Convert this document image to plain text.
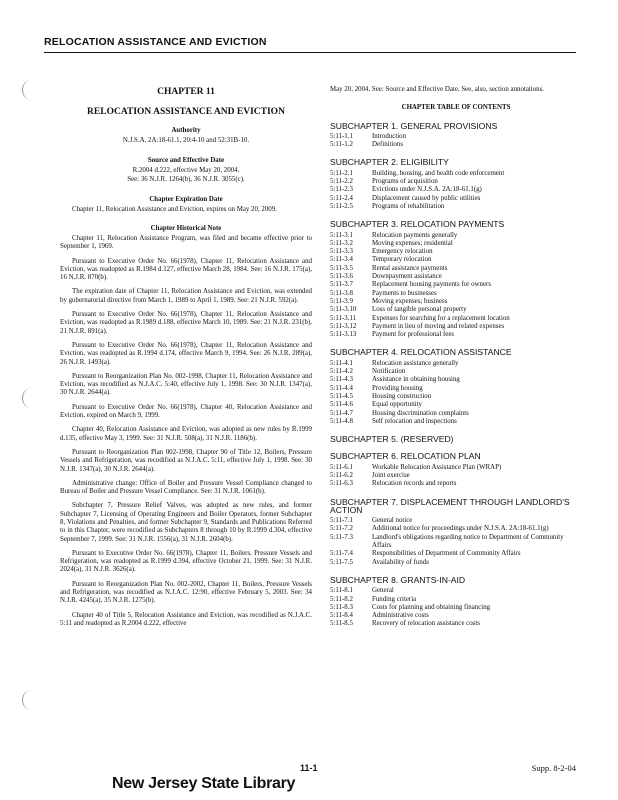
RELOCATION ASSISTANCE AND EVICTION
CHAPTER 11
RELOCATION ASSISTANCE AND EVICTION
Authority
N.J.S.A. 2A:18-61.1, 20:4-10 and 52:31B-10.
Source and Effective Date
R.2004 d.222, effective May 20, 2004.
See: 36 N.J.R. 1264(b), 36 N.J.R. 3055(c).
Chapter Expiration Date

Chapter 11, Relocation Assistance and Eviction, expires on May 20, 2009.

Chapter Historical Note

Chapter 11, Relocation Assistance Program, was filed and became effective prior to September 1, 1969.

Pursuant to Executive Order No. 66(1978), Chapter 11, Relocation Assistance and Eviction, was readopted as R.1984 d.127, effective March 28, 1984. See: 16 N.J.R. 175(a), 16 N.J.R. 870(b).

The expiration date of Chapter 11, Relocation Assistance and Eviction, was extended by gubernatorial directive from March 1, 1989 to April 1, 1989. See: 21 N.J.R. 592(a).

Pursuant to Executive Order No. 66(1978), Chapter 11, Relocation Assistance and Eviction, was readopted as R.1989 d.188, effective March 10, 1989. See: 21 N.J.R. 231(b), 21 N.J.R. 891(a).

Pursuant to Executive Order No. 66(1978), Chapter 11, Relocation Assistance and Eviction, was readopted as R.1994 d.174, effective March 9, 1994. See: 26 N.J.R. 289(a), 26 N.J.R. 1493(a).

Pursuant to Reorganization Plan No. 002-1998, Chapter 11, Relocation Assistance and Eviction, was recodified as N.J.A.C. 5:40, effective July 1, 1998. See: 30 N.J.R. 1347(a), 30 N.J.R. 2644(a).

Pursuant to Executive Order No. 66(1978), Chapter 40, Relocation Assistance and Eviction, expired on March 9, 1999.

Chapter 40, Relocation Assistance and Eviction, was adopted as new rules by R.1999 d.135, effective May 3, 1999. See: 31 N.J.R. 508(a), 31 N.J.R. 1186(b).

Pursuant to Reorganization Plan 002-1998, Chapter 90 of Title 12, Boilers, Pressure Vessels and Refrigeration, was recodified as N.J.A.C. 5:11, effective July 1, 1998. See: 30 N.J.R. 1347(a), 30 N.J.R. 2644(a).

Administrative change: Office of Boiler and Pressure Vessel Compliance changed to Bureau of Boiler and Pressure Vessel Compliance. See: 31 N.J.R. 1061(b).

Subchapter 7, Pressure Relief Valves, was adopted as new rules, and former Subchapter 7, Licensing of Operating Engineers and Boiler Operators, former Subchapter 8, Violations and Penalties, and former Subchapter 9, Standards and Publications Referred to in this Chapter, were recodified as Subchapters 8 through 10 by R.1999 d.304, effective September 7, 1999. See: 31 N.J.R. 1556(a), 31 N.J.R. 2604(b).

Pursuant to Executive Order No. 66(1978), Chapter 11, Boilers, Pressure Vessels and Refrigeration, was readopted as R.1999 d.394, effective October 21, 1999. See: 31 N.J.R. 2024(a), 31 N.J.R. 3626(a).

Pursuant to Reorganization Plan No. 002-2002, Chapter 11, Boilers, Pressure Vessels and Refrigeration, was recodified as N.J.A.C. 12:90, effective February 5, 2003. See: 34 N.J.R. 4245(a), 35 N.J.R. 1275(b).

Chapter 40 of Title 5, Relocation Assistance and Eviction, was recodified as N.J.A.C. 5:11 and readopted as R.2004 d.222, effective

May 20, 2004. See: Source and Effective Date. See, also, section annotations.

CHAPTER TABLE OF CONTENTS
SUBCHAPTER 1. GENERAL PROVISIONS
5:11-1.1	Introduction
5:11-1.2	Definitions
SUBCHAPTER 2. ELIGIBILITY
5:11-2.1	Building, housing, and health code enforcement
5:11-2.2	Programs of acquisition
5:11-2.3	Evictions under N.J.S.A. 2A:18-61.1(g)
5:11-2.4	Displacement caused by public utilities
5:11-2.5	Programs of rehabilitation
SUBCHAPTER 3. RELOCATION PAYMENTS
5:11-3.1	Relocation payments generally
5:11-3.2	Moving expenses; residential
5:11-3.3	Emergency relocation
5:11-3.4	Temporary relocation
5:11-3.5	Rental assistance payments
5:11-3.6	Downpayment assistance
5:11-3.7	Replacement housing payments for owners
5:11-3.8	Payments to businesses
5:11-3.9	Moving expenses; business
5:11-3.10	Loss of tangible personal property
5:11-3.11	Expenses for searching for a replacement location
5:11-3.12	Payment in lieu of moving and related expenses
5:11-3.13	Payment for professional fees
SUBCHAPTER 4. RELOCATION ASSISTANCE
5:11-4.1	Relocation assistance generally
5:11-4.2	Notification
5:11-4.3	Assistance in obtaining housing
5:11-4.4	Providing housing
5:11-4.5	Housing construction
5:11-4.6	Equal opportunity
5:11-4.7	Housing discrimination complaints
5:11-4.8	Self relocation and inspections
SUBCHAPTER 5. (RESERVED)
SUBCHAPTER 6. RELOCATION PLAN
5:11-6.1	Workable Relocation Assistance Plan (WRAP)
5:11-6.2	Joint exercise
5:11-6.3	Relocation records and reports
SUBCHAPTER 7. DISPLACEMENT THROUGH LANDLORD'S ACTION
5:11-7.1	General notice
5:11-7.2	Additional notice for proceedings under N.J.S.A. 2A:18-61.1(g)
5:11-7.3	Landlord's obligations regarding notice to Department of Community Affairs
5:11-7.4	Responsibilities of Department of Community Affairs
5:11-7.5	Availability of funds
SUBCHAPTER 8. GRANTS-IN-AID
5:11-8.1	General
5:11-8.2	Funding criteria
5:11-8.3	Costs for planning and obtaining financing
5:11-8.4	Administrative costs
5:11-8.5	Recovery of relocation assistance costs
11-1	Supp. 8-2-04
New Jersey State Library
